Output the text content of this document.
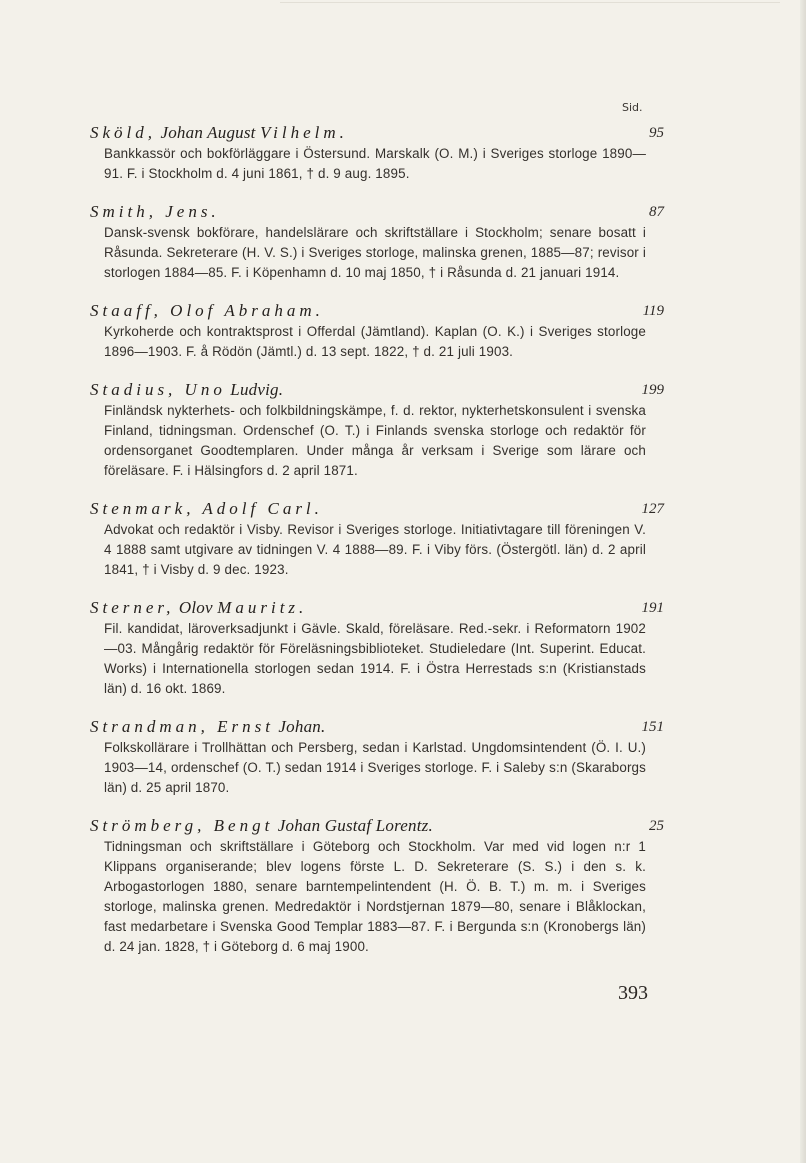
Sid.
Sköld, Johan August Vilhelm.	95
Bankkassör och bokförläggare i Östersund. Marskalk (O. M.) i Sveriges storloge 1890—91. F. i Stockholm d. 4 juni 1861, † d. 9 aug. 1895.
Smith, Jens.	87
Dansk-svensk bokförare, handelslärare och skriftställare i Stockholm; senare bosatt i Råsunda. Sekreterare (H. V. S.) i Sveriges storloge, malinska grenen, 1885—87; revisor i storlogen 1884—85. F. i Köpenhamn d. 10 maj 1850, † i Råsunda d. 21 januari 1914.
Staaff, Olof Abraham.	119
Kyrkoherde och kontraktsprost i Offerdal (Jämtland). Kaplan (O. K.) i Sveriges storloge 1896—1903. F. å Rödön (Jämtl.) d. 13 sept. 1822, † d. 21 juli 1903.
Stadius, Uno Ludvig.	199
Finländsk nykterhets- och folkbildningskämpe, f. d. rektor, nykterhetskonsulent i svenska Finland, tidningsman. Ordenschef (O. T.) i Finlands svenska storloge och redaktör för ordensorganet Goodtemplaren. Under många år verksam i Sverige som lärare och föreläsare. F. i Hälsingfors d. 2 april 1871.
Stenmark, Adolf Carl.	127
Advokat och redaktör i Visby. Revisor i Sveriges storloge. Initiativtagare till föreningen V. 4 1888 samt utgivare av tidningen V. 4 1888—89. F. i Viby förs. (Östergötl. län) d. 2 april 1841, † i Visby d. 9 dec. 1923.
Sterner, Olov Mauritz.	191
Fil. kandidat, läroverksadjunkt i Gävle. Skald, föreläsare. Red.-sekr. i Reformatorn 1902—03. Mångårig redaktör för Föreläsningsbiblioteket. Studieledare (Int. Superint. Educat. Works) i Internationella storlogen sedan 1914. F. i Östra Herrestads s:n (Kristianstads län) d. 16 okt. 1869.
Strandman, Ernst Johan.	151
Folkskollärare i Trollhättan och Persberg, sedan i Karlstad. Ungdomsintendent (Ö. I. U.) 1903—14, ordenschef (O. T.) sedan 1914 i Sveriges storloge. F. i Saleby s:n (Skaraborgs län) d. 25 april 1870.
Strömberg, Bengt Johan Gustaf Lorentz.	25
Tidningsman och skriftställare i Göteborg och Stockholm. Var med vid logen n:r 1 Klippans organiserande; blev logens förste L. D. Sekreterare (S. S.) i den s. k. Arbogastorlogen 1880, senare barntempelintendent (H. Ö. B. T.) m. m. i Sveriges storloge, malinska grenen. Medredaktör i Nordstjernan 1879—80, senare i Blåklockan, fast medarbetare i Svenska Good Templar 1883—87. F. i Bergunda s:n (Kronobergs län) d. 24 jan. 1828, † i Göteborg d. 6 maj 1900.
393
